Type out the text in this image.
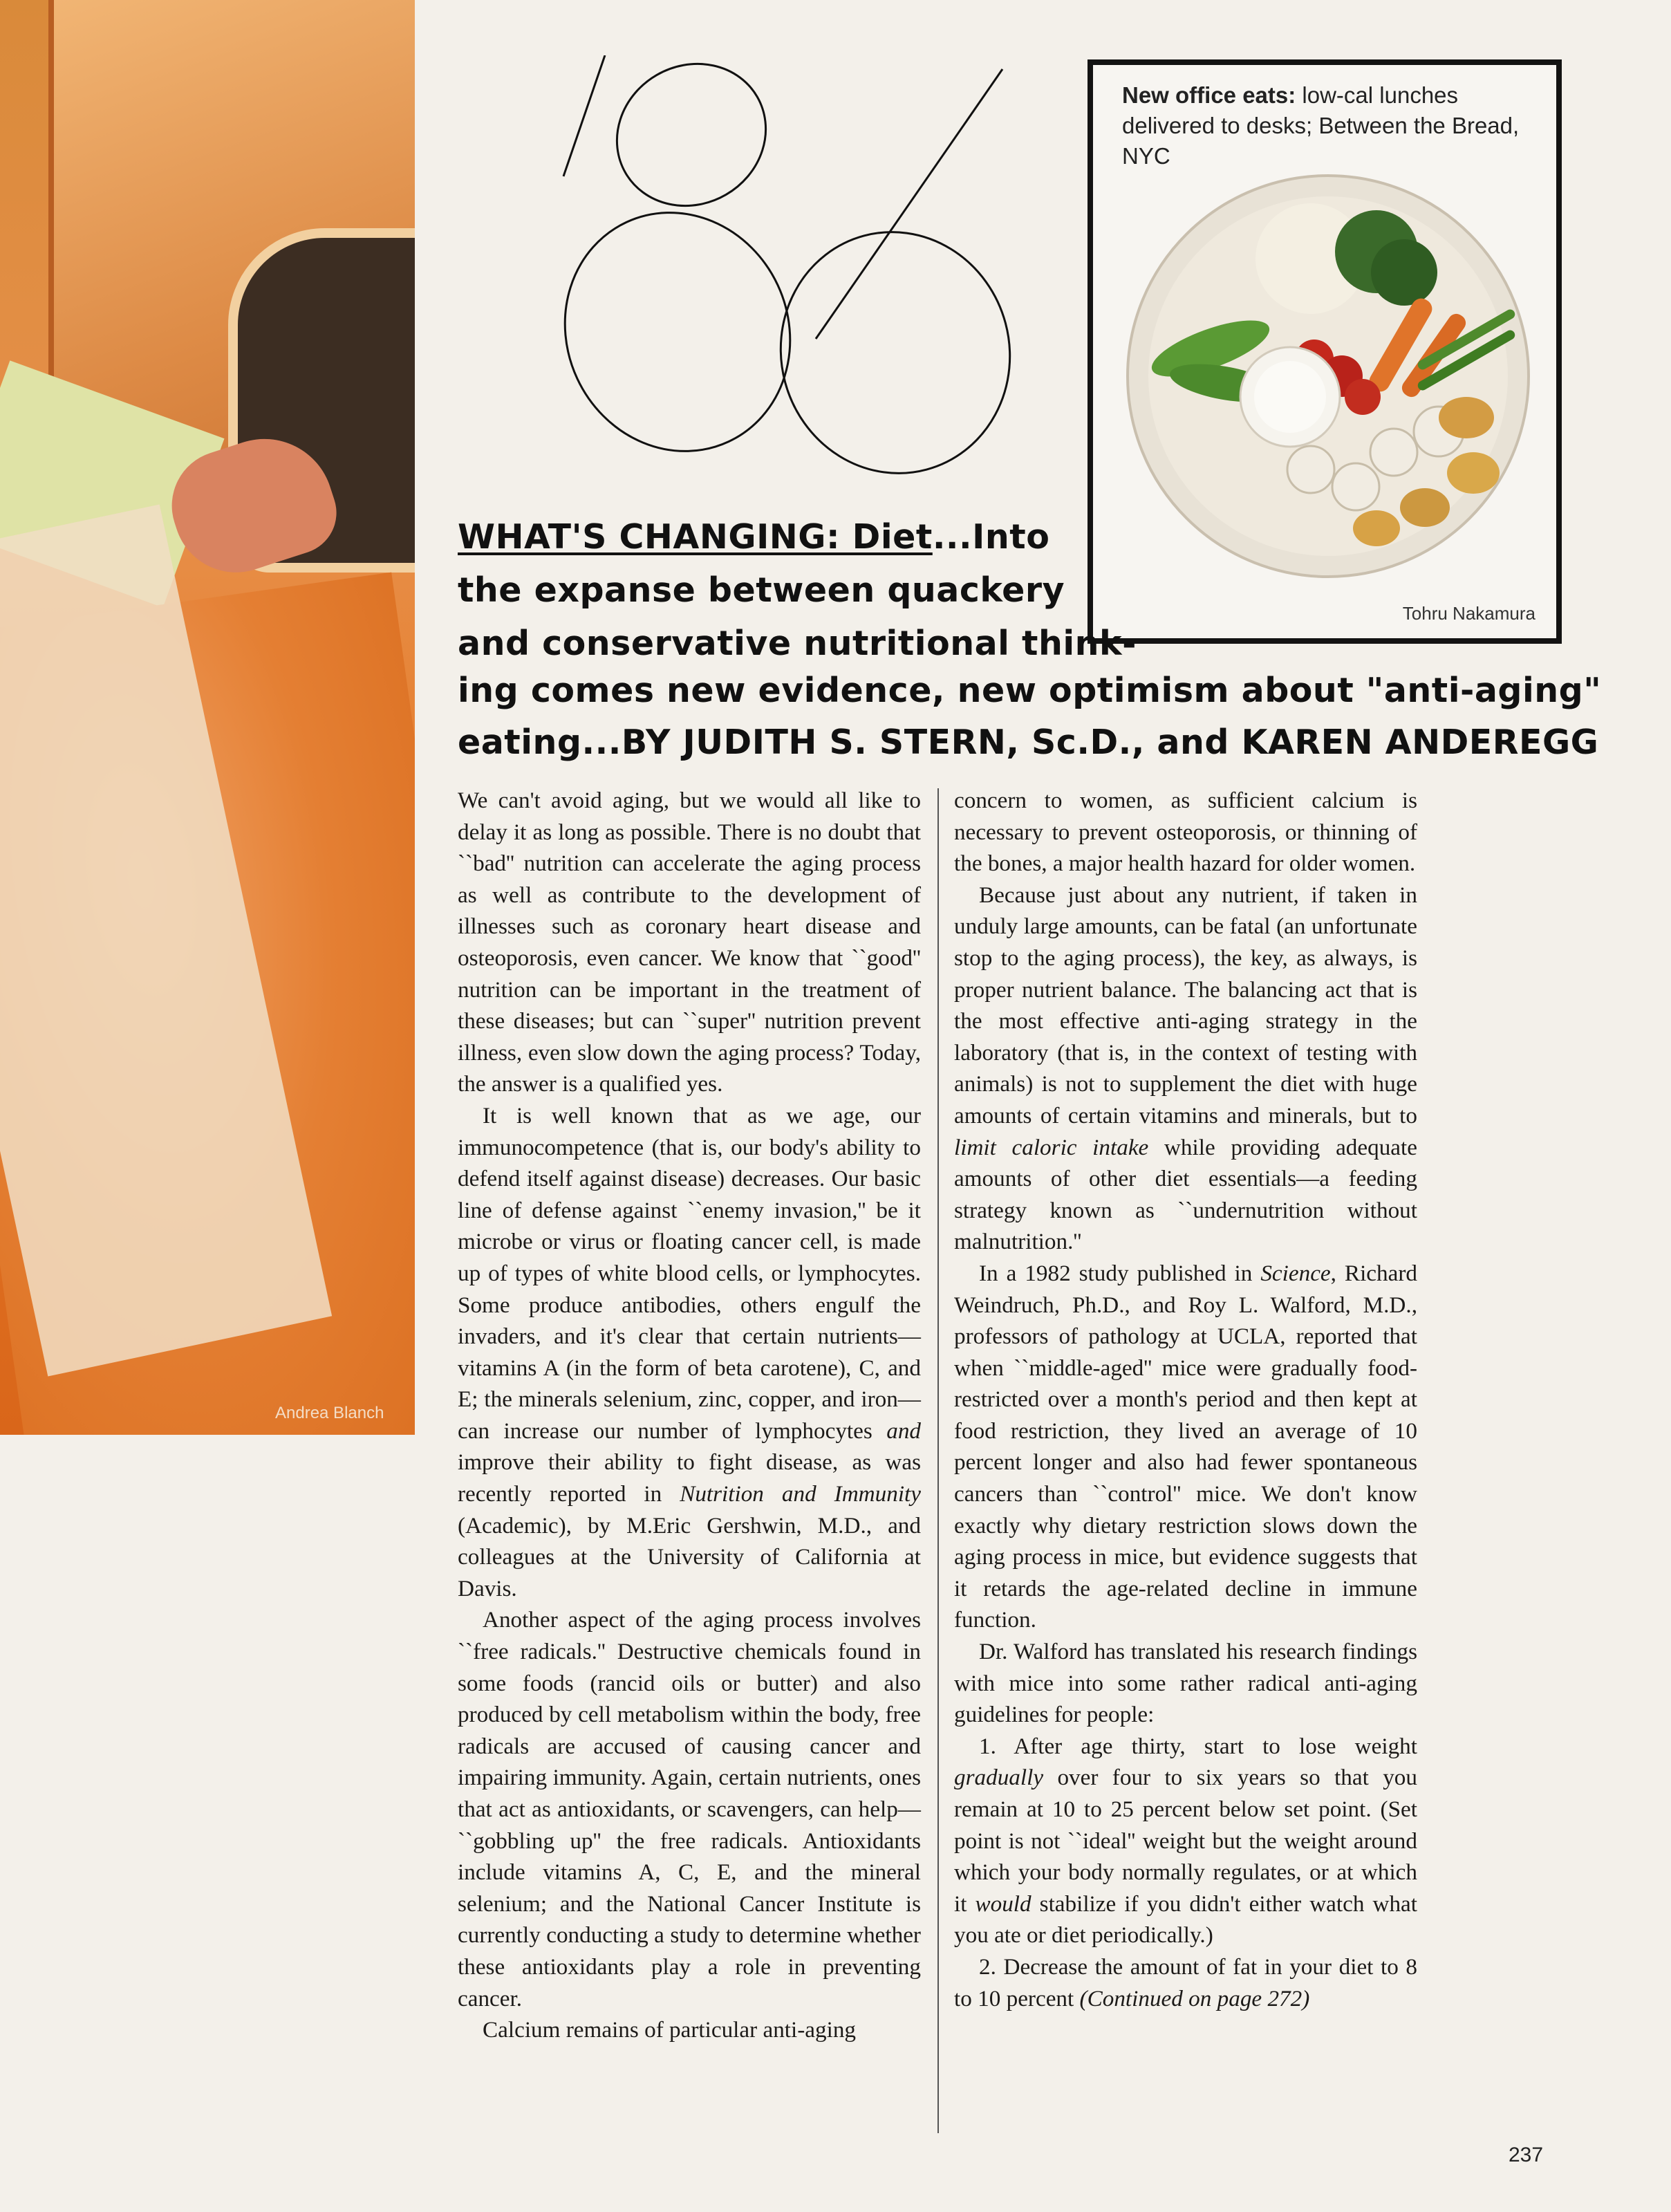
Andrea Blanch
New office eats: low-cal lunches delivered to desks; Between the Bread, NYC
Tohru Nakamura
WHAT'S CHANGING: Diet...Into
the expanse between quackery
and conservative nutritional think-
ing comes new evidence, new optimism about "anti-aging"
eating...BY JUDITH S. STERN, Sc.D., and KAREN ANDEREGG

We can't avoid aging, but we would all like to delay it as long as possible. There is no doubt that ``bad'' nutrition can accelerate the aging process as well as contribute to the development of illnesses such as coronary heart disease and osteoporosis, even cancer. We know that ``good'' nutrition can be important in the treatment of these diseases; but can ``super'' nutrition prevent illness, even slow down the aging process? Today, the answer is a qualified yes.

It is well known that as we age, our immunocompetence (that is, our body's ability to defend itself against disease) decreases. Our basic line of defense against ``enemy invasion,'' be it microbe or virus or floating cancer cell, is made up of types of white blood cells, or lymphocytes. Some produce antibodies, others engulf the invaders, and it's clear that certain nutrients—vitamins A (in the form of beta carotene), C, and E; the minerals selenium, zinc, copper, and iron—can increase our number of lymphocytes and improve their ability to fight disease, as was recently reported in Nutrition and Immunity (Academic), by M.Eric Gershwin, M.D., and colleagues at the University of California at Davis.

Another aspect of the aging process involves ``free radicals.'' Destructive chemicals found in some foods (rancid oils or butter) and also produced by cell metabolism within the body, free radicals are accused of causing cancer and impairing immunity. Again, certain nutrients, ones that act as antioxidants, or scavengers, can help—``gobbling up'' the free radicals. Antioxidants include vitamins A, C, E, and the mineral selenium; and the National Cancer Institute is currently conducting a study to determine whether these antioxidants play a role in preventing cancer.

Calcium remains of particular anti-aging

concern to women, as sufficient calcium is necessary to prevent osteoporosis, or thinning of the bones, a major health hazard for older women.

Because just about any nutrient, if taken in unduly large amounts, can be fatal (an unfortunate stop to the aging process), the key, as always, is proper nutrient balance. The balancing act that is the most effective anti-aging strategy in the laboratory (that is, in the context of testing with animals) is not to supplement the diet with huge amounts of certain vitamins and minerals, but to limit caloric intake while providing adequate amounts of other diet essentials—a feeding strategy known as ``undernutrition without malnutrition.''

In a 1982 study published in Science, Richard Weindruch, Ph.D., and Roy L. Walford, M.D., professors of pathology at UCLA, reported that when ``middle-aged'' mice were gradually food-restricted over a month's period and then kept at food restriction, they lived an average of 10 percent longer and also had fewer spontaneous cancers than ``control'' mice. We don't know exactly why dietary restriction slows down the aging process in mice, but evidence suggests that it retards the age-related decline in immune function.

Dr. Walford has translated his research findings with mice into some rather radical anti-aging guidelines for people:

1. After age thirty, start to lose weight gradually over four to six years so that you remain at 10 to 25 percent below set point. (Set point is not ``ideal'' weight but the weight around which your body normally regulates, or at which it would stabilize if you didn't either watch what you ate or diet periodically.)

2. Decrease the amount of fat in your diet to 8 to 10 percent (Continued on page 272)

237
